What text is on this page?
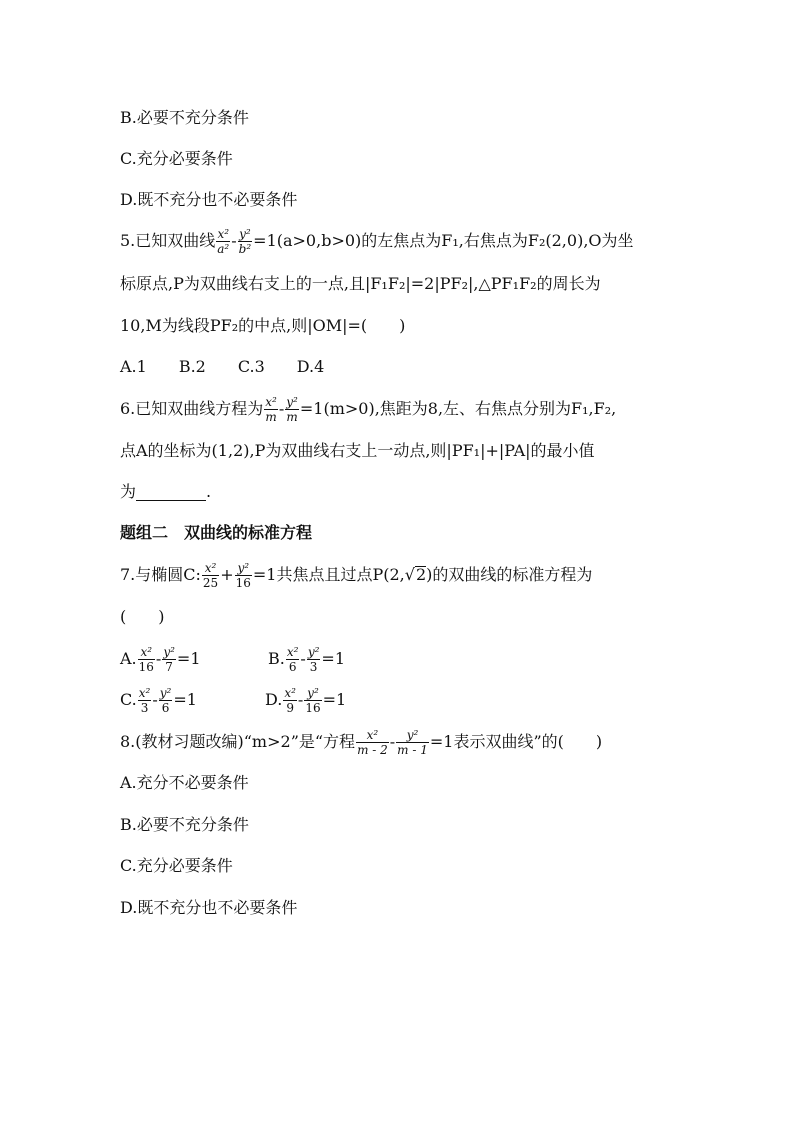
B.必要不充分条件
C.充分必要条件
D.既不充分也不必要条件
5.已知双曲线 $\frac{\text{x²}}{\text{a²}} - \frac{\text{y²}}{\text{b²}} =1(a>0,b>0)$的左焦点为F₁,右焦点为F₂(2,0),O为坐
标原点,P为双曲线右支上的一点,且|F₁F₂|=2|PF₂|,△PF₁F₂的周长为
10,M为线段PF₂的中点,则|OM|=(　　)
A.1　　B.2　　C.3　　D.4
6.已知双曲线方程为 $\frac{\text{x²}}{m} - \frac{\text{y²}}{m} =1(m>0)$,焦距为8,左、右焦点分别为F₁,F₂,
点A的坐标为(1,2),P为双曲线右支上一动点,则|PF₁|+|PA|的最小值
为	.
题组二　双曲线的标准方程
7.与椭圆C: $\frac{\text{x²}}{25} + \frac{\text{y²}}{16} =1$共焦点且过点P(2,√2)的双曲线的标准方程为
(　　)
A. $\frac{\text{x²}}{16} - \frac{\text{y²}}{7} =1$	B. $\frac{\text{x²}}{6} - \frac{\text{y²}}{3} =1$
C. $\frac{\text{x²}}{3} - \frac{\text{y²}}{6} =1$	D. $\frac{\text{x²}}{9} - \frac{\text{y²}}{16} =1$
8.(教材习题改编)“m>2”是“方程 $\frac{\text{x²}}{m - 2} - \frac{\text{y²}}{m - 1} =1$表示双曲线”的(　　)
A.充分不必要条件
B.必要不充分条件
C.充分必要条件
D.既不充分也不必要条件
